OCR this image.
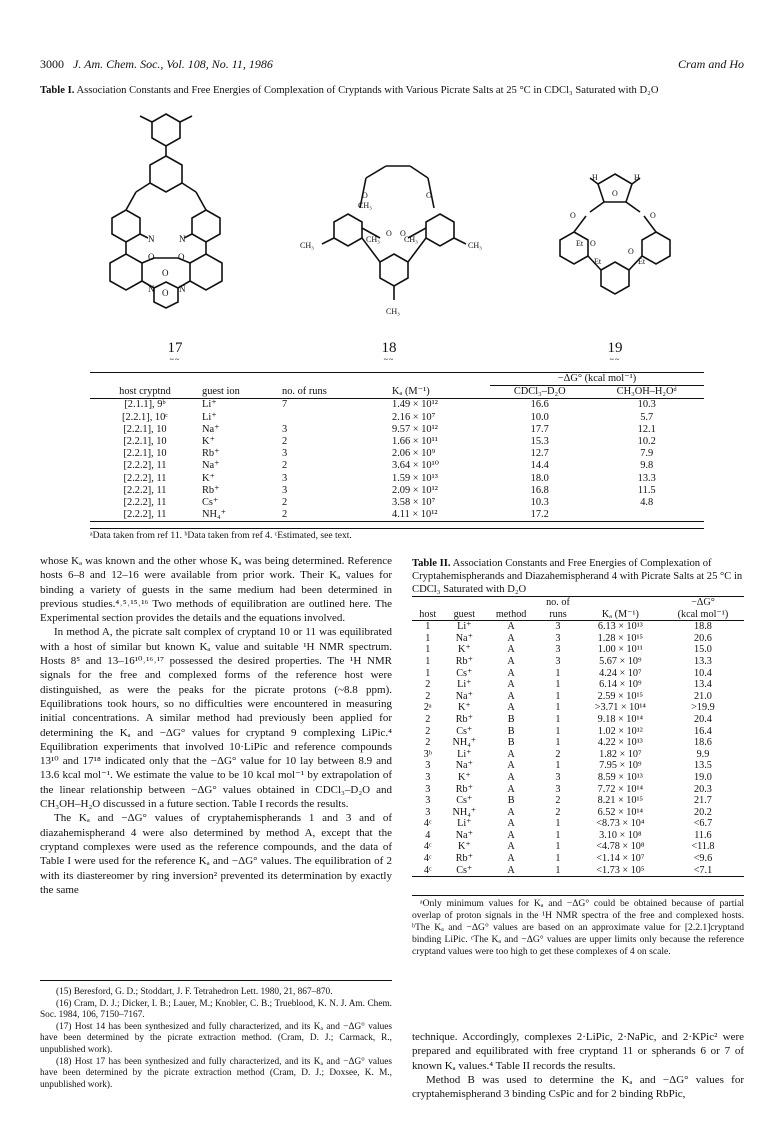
3000 J. Am. Chem. Soc., Vol. 108, No. 11, 1986	Cram and Ho
Table I. Association Constants and Free Energies of Complexation of Cryptands with Various Picrate Salts at 25 °C in CDCl₃ Saturated with D₂O
N	N
O	O
N O N
O
17
~~
CH₃
CH₃
CH₃	CH₃
CH₃
CH₃
O	O
O O
18
~~
H	H
O
Et O
O
Et	Et
O
O
19
~~
				−ΔG° (kcal mol⁻¹)	
host cryptnd	guest ion	no. of runs	Kₐ (M⁻¹)	CDCl₃–D₂O	CH₃OH–H₂Oᵈ
[2.1.1], 9ᵇ	Li⁺	7	1.49 × 10¹²	16.6	10.3
[2.2.1], 10ᶜ	Li⁺		2.16 × 10⁷	10.0	5.7
[2.2.1], 10	Na⁺	3	9.57 × 10¹²	17.7	12.1
[2.2.1], 10	K⁺	2	1.66 × 10¹¹	15.3	10.2
[2.2.1], 10	Rb⁺	3	2.06 × 10⁹	12.7	7.9
[2.2.2], 11	Na⁺	2	3.64 × 10¹⁰	14.4	9.8
[2.2.2], 11	K⁺	3	1.59 × 10¹³	18.0	13.3
[2.2.2], 11	Rb⁺	3	2.09 × 10¹²	16.8	11.5
[2.2.2], 11	Cs⁺	2	3.58 × 10⁷	10.3	4.8
[2.2.2], 11	NH₄⁺	2	4.11 × 10¹²	17.2	
ᵃData taken from ref 11. ᵇData taken from ref 4. ᶜEstimated, see text.

whose Kₐ was known and the other whose Kₐ was being determined. Reference hosts 6–8 and 12–16 were available from prior work. Their Kₐ values for binding a variety of guests in the same medium had been determined in previous studies.⁴˒⁵˒¹⁵˒¹⁶ Two methods of equilibration are outlined here. The Experimental section provides the details and the equations involved.

In method A, the picrate salt complex of cryptand 10 or 11 was equilibrated with a host of similar but known Kₐ value and suitable ¹H NMR spectrum. Hosts 8⁵ and 13–16¹⁰˒¹⁶˒¹⁷ possessed the desired properties. The ¹H NMR signals for the free and complexed forms of the reference host were distinguished, as were the peaks for the picrate protons (~8.8 ppm). Equilibrations took hours, so no difficulties were encountered in measuring initial concentrations. A similar method had previously been applied for determining the Kₐ and −ΔG° values for cryptand 9 complexing LiPic.⁴ Equilibration experiments that involved 10·LiPic and reference compounds 13¹⁰ and 17¹⁸ indicated only that the −ΔG° value for 10 lay between 8.9 and 13.6 kcal mol⁻¹. We estimate the value to be 10 kcal mol⁻¹ by extrapolation of the linear relationship between −ΔG° values obtained in CDCl₃–D₂O and CH₃OH–H₂O discussed in a future section. Table I records the results.

The Kₐ and −ΔG° values of cryptahemispherands 1 and 3 and of diazahemispherand 4 were also determined by method A, except that the cryptand complexes were used as the reference compounds, and the data of Table I were used for the reference Kₐ and −ΔG° values. The equilibration of 2 with its diastereomer by ring inversion² prevented its determination by exactly the same

(15) Beresford, G. D.; Stoddart, J. F. Tetrahedron Lett. 1980, 21, 867–870.

(16) Cram, D. J.; Dicker, I. B.; Lauer, M.; Knobler, C. B.; Trueblood, K. N. J. Am. Chem. Soc. 1984, 106, 7150–7167.

(17) Host 14 has been synthesized and fully characterized, and its Kₐ and −ΔG° values have been determined by the picrate extraction method. (Cram, D. J.; Carmack, R., unpublished work).

(18) Host 17 has been synthesized and fully characterized, and its Kₐ and −ΔG° values have been determined by the picrate extraction method (Cram, D. J.; Doxsee, K. M., unpublished work).

Table II. Association Constants and Free Energies of Complexation of Cryptahemispherands and Diazahemispherand 4 with Picrate Salts at 25 °C in CDCl₃ Saturated with D₂O
			no. of		−ΔG°
host	guest	method	runs	Kₐ (M⁻¹)	(kcal mol⁻¹)
1	Li⁺	A	3	6.13 × 10¹³	18.8
1	Na⁺	A	3	1.28 × 10¹⁵	20.6
1	K⁺	A	3	1.00 × 10¹¹	15.0
1	Rb⁺	A	3	5.67 × 10⁹	13.3
1	Cs⁺	A	1	4.24 × 10⁷	10.4
2	Li⁺	A	1	6.14 × 10⁹	13.4
2	Na⁺	A	1	2.59 × 10¹⁵	21.0
2ᵃ	K⁺	A	1	>3.71 × 10¹⁴	>19.9
2	Rb⁺	B	1	9.18 × 10¹⁴	20.4
2	Cs⁺	B	1	1.02 × 10¹²	16.4
2	NH₄⁺	B	1	4.22 × 10¹³	18.6
3ᵇ	Li⁺	A	2	1.82 × 10⁷	9.9
3	Na⁺	A	1	7.95 × 10⁹	13.5
3	K⁺	A	3	8.59 × 10¹³	19.0
3	Rb⁺	A	3	7.72 × 10¹⁴	20.3
3	Cs⁺	B	2	8.21 × 10¹⁵	21.7
3	NH₄⁺	A	2	6.52 × 10¹⁴	20.2
4ᶜ	Li⁺	A	1	<8.73 × 10⁴	<6.7
4	Na⁺	A	1	3.10 × 10⁸	11.6
4ᶜ	K⁺	A	1	<4.78 × 10⁸	<11.8
4ᶜ	Rb⁺	A	1	<1.14 × 10⁷	<9.6
4ᶜ	Cs⁺	A	1	<1.73 × 10⁵	<7.1
ᵃOnly minimum values for Kₐ and −ΔG° could be obtained because of partial overlap of proton signals in the ¹H NMR spectra of the free and complexed hosts. ᵇThe Kₐ and −ΔG° values are based on an approximate value for [2.2.1]cryptand binding LiPic. ᶜThe Kₐ and −ΔG° values are upper limits only because the reference cryptand values were too high to get these complexes of 4 on scale.

technique. Accordingly, complexes 2·LiPic, 2·NaPic, and 2·KPic² were prepared and equilibrated with free cryptand 11 or spherands 6 or 7 of known Kₐ values.⁴ Table II records the results.

Method B was used to determine the Kₐ and −ΔG° values for cryptahemispherand 3 binding CsPic and for 2 binding RbPic,
